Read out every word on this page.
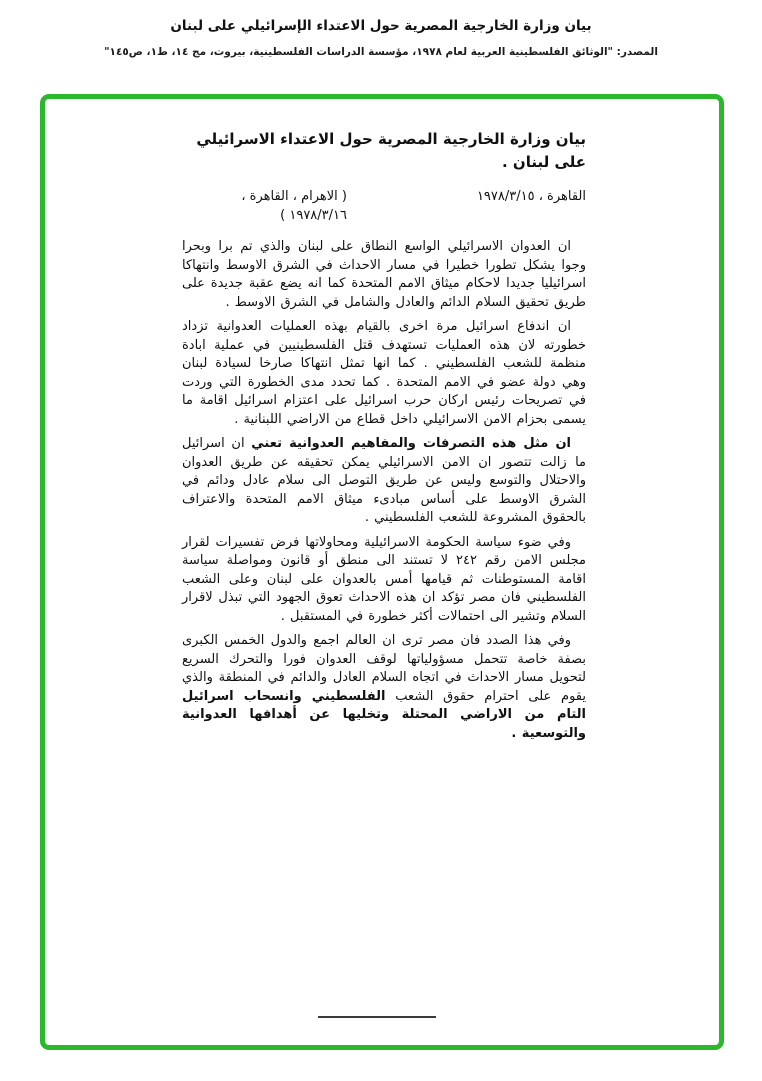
بيان وزارة الخارجية المصرية حول الاعتداء الإسرائيلي على لبنان
المصدر: "الوثائق الفلسطينية العربية لعام ١٩٧٨، مؤسسة الدراسات الفلسطينية، بيروت، مج ١٤، ط١، ص١٤٥"
بيان وزارة الخارجية المصرية حول الاعتداء الاسرائيلي
على لبنان .
القاهرة ، ١٩٧٨/٣/١٥
( الاهرام ، القاهرة ،
١٩٧٨/٣/١٦ )

ان العدوان الاسرائيلي الواسع النطاق على لبنان والذي تم برا وبحرا وجوا يشكل تطورا خطيرا في مسار الاحداث في الشرق الاوسط وانتهاكا اسرائيليا جديدا لاحكام ميثاق الامم المتحدة كما انه يضع عقبة جديدة على طريق تحقيق السلام الدائم والعادل والشامل في الشرق الاوسط .

ان اندفاع اسرائيل مرة اخرى بالقيام بهذه العمليات العدوانية تزداد خطورته لان هذه العمليات تستهدف قتل الفلسطينيين في عملية ابادة منظمة للشعب الفلسطيني . كما انها تمثل انتهاكا صارخا لسيادة لبنان وهي دولة عضو في الامم المتحدة . كما تحدد مدى الخطورة التي وردت في تصريحات رئيس اركان حرب اسرائيل على اعتزام اسرائيل اقامة ما يسمى بحزام الامن الاسرائيلي داخل قطاع من الاراضي اللبنانية .

ان مثل هذه التصرفات والمفاهيم العدوانية تعني ان اسرائيل ما زالت تتصور ان الامن الاسرائيلي يمكن تحقيقه عن طريق العدوان والاحتلال والتوسع وليس عن طريق التوصل الى سلام عادل ودائم في الشرق الاوسط على أساس مبادىء ميثاق الامم المتحدة والاعتراف بالحقوق المشروعة للشعب الفلسطيني .

وفي ضوء سياسة الحكومة الاسرائيلية ومحاولاتها فرض تفسيرات لقرار مجلس الامن رقم ٢٤٢ لا تستند الى منطق أو قانون ومواصلة سياسة اقامة المستوطنات ثم قيامها أمس بالعدوان على لبنان وعلى الشعب الفلسطيني فان مصر تؤكد ان هذه الاحداث تعوق الجهود التي تبذل لاقرار السلام وتشير الى احتمالات أكثر خطورة في المستقبل .

وفي هذا الصدد فان مصر ترى ان العالم اجمع والدول الخمس الكبرى بصفة خاصة تتحمل مسؤولياتها لوقف العدوان فورا والتحرك السريع لتحويل مسار الاحداث في اتجاه السلام العادل والدائم في المنطقة والذي يقوم على احترام حقوق الشعب الفلسطيني وانسحاب اسرائيل التام من الاراضي المحتلة وتخليها عن أهدافها العدوانية والتوسعية .
